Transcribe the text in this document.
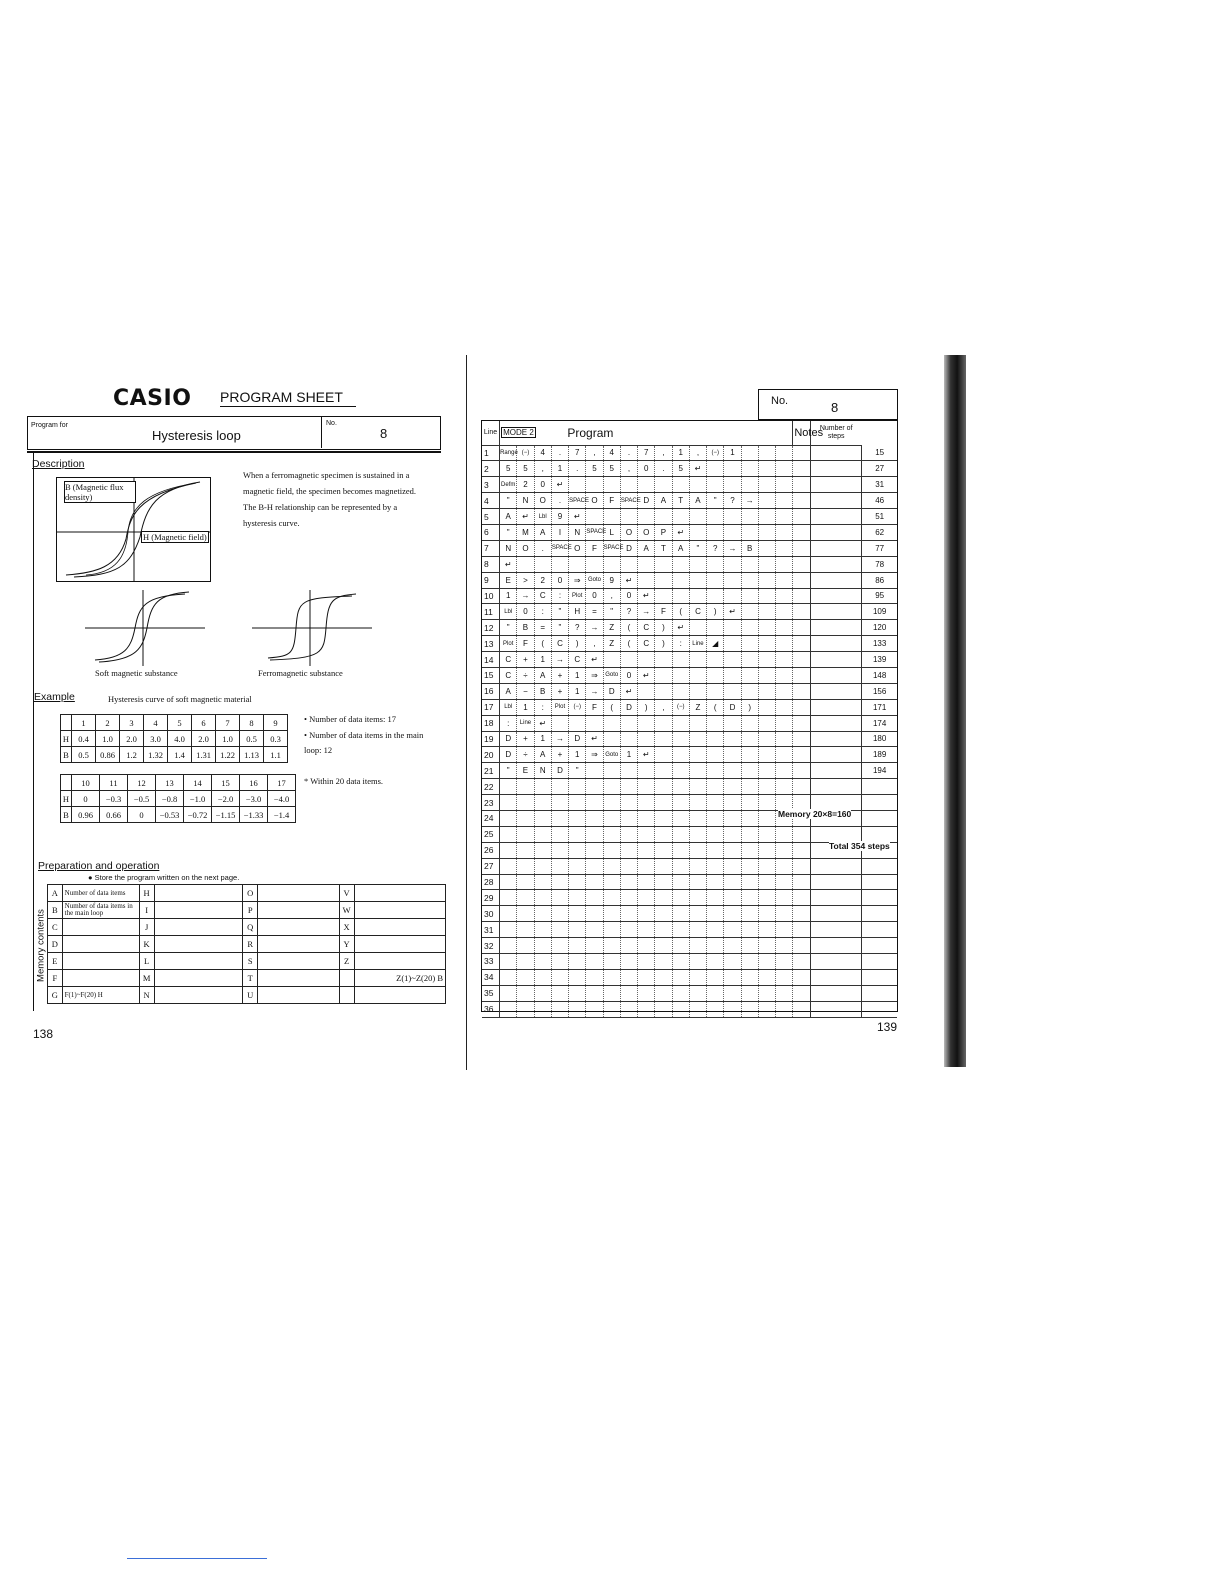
CASIO PROGRAM SHEET
Program for
Hysteresis loop
No.
8
Description
When a ferromagnetic specimen is sustained in a magnetic field, the specimen becomes magnetized. The B-H relationship can be represented by a hysteresis curve.
B (Magnetic flux density)
H (Magnetic field)
Soft magnetic substance	Ferromagnetic substance
Example	Hysteresis curve of soft magnetic material
	1	2	3	4	5	6	7	8	9
H	0.4	1.0	2.0	3.0	4.0	2.0	1.0	0.5	0.3
B	0.5	0.86	1.2	1.32	1.4	1.31	1.22	1.13	1.1
• Number of data items: 17
• Number of data items in the main loop: 12
* Within 20 data items.
	10	11	12	13	14	15	16	17
H	0	−0.3	−0.5	−0.8	−1.0	−2.0	−3.0	−4.0
B	0.96	0.66	0	−0.53	−0.72	−1.15	−1.33	−1.4
Preparation and operation
● Store the program written on the next page.
Memory contents
A	Number of data items	H		O		V	
B	Number of data items in the main loop	I		P		W	
C		J		Q		X	
D		K		R		Y	
E		L		S		Z	
F		M		T			Z(1)~Z(20) B
G	F(1)~F(20) H	N		U			
138
No.	8
Line	MODE 2			Program														Notes	Number of steps	
1	Range	(−)	4	.	7	,	4	.	7	,	1	,	(−)	1						15
2	5	5	,	1	.	5	5	,	0	.	5	↵								27
3	Defm	2	0	↵																31
4	"	N	O	.	SPACE	O	F	SPACE	D	A	T	A	"	?	→					46
5	A	↵	Lbl	9	↵															51
6	"	M	A	I	N	SPACE	L	O	O	P	↵									62
7	N	O	.	SPACE	O	F	SPACE	D	A	T	A	"	?	→	B					77
8	↵																			78
9	E	>	2	0	⇒	Goto	9	↵												86
10	1	→	C	:	Plot	0	,	0	↵											95
11	Lbl	0	:	"	H	=	"	?	→	F	(	C	)	↵						109
12	"	B	=	"	?	→	Z	(	C	)	↵									120
13	Plot	F	(	C	)	,	Z	(	C	)	:	Line	◢							133
14	C	+	1	→	C	↵														139
15	C	÷	A	+	1	⇒	Goto	0	↵											148
16	A	−	B	+	1	→	D	↵												156
17	Lbl	1	:	Plot	(−)	F	(	D	)	,	(−)	Z	(	D	)					171
18	:	Line	↵																	174
19	D	+	1	→	D	↵														180
20	D	÷	A	+	1	⇒	Goto	1	↵											189
21	"	E	N	D	"															194
22																				
23																				
24																				
25																				
26																				
27																				
28																				
29																				
30																				
31																				
32																				
33																				
34																				
35																				
36																				
Memory 20×8=160
Total 354 steps
139
